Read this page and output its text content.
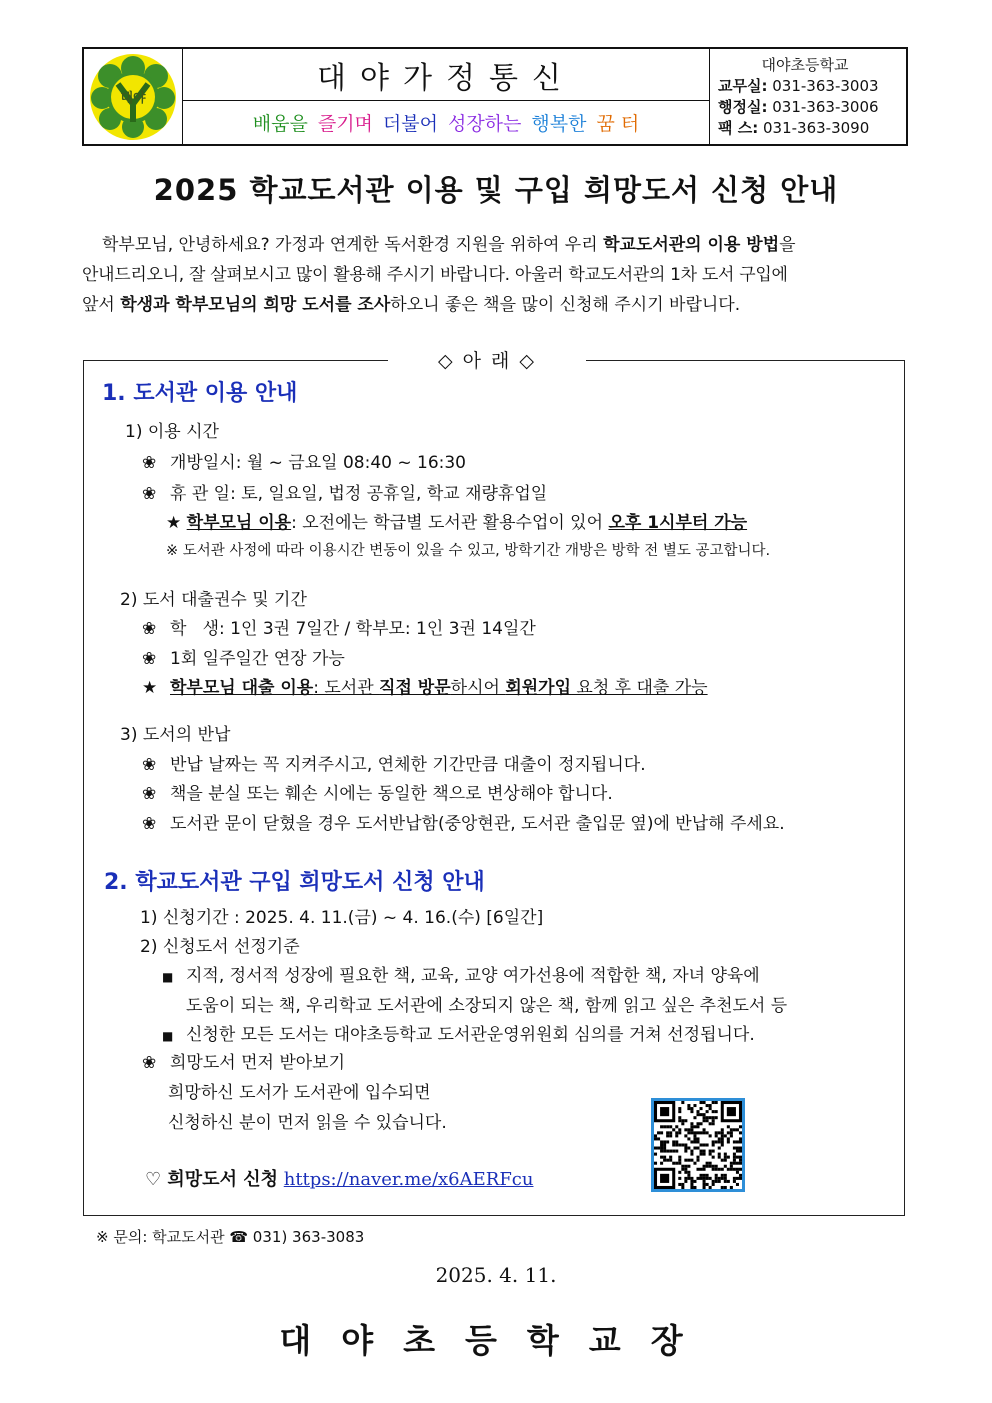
대야
대야가정통신
배움을 즐기며 더불어 성장하는 행복한 꿈 터
대야초등학교
교무실: 031-363-3003
행정실: 031-363-3006
팩 스: 031-363-3090
2025 학교도서관 이용 및 구입 희망도서 신청 안내

학부모님, 안녕하세요? 가정과 연계한 독서환경 지원을 위하여 우리 학교도서관의 이용 방법을

안내드리오니, 잘 살펴보시고 많이 활용해 주시기 바랍니다. 아울러 학교도서관의 1차 도서 구입에

앞서 학생과 학부모님의 희망 도서를 조사하오니 좋은 책을 많이 신청해 주시기 바랍니다.

◇ 아 래 ◇
1. 도서관 이용 안내
1) 이용 시간
❀ 개방일시: 월 ~ 금요일 08:40 ~ 16:30
❀ 휴 관 일: 토, 일요일, 법정 공휴일, 학교 재량휴업일
★ 학부모님 이용: 오전에는 학급별 도서관 활용수업이 있어 오후 1시부터 가능
※ 도서관 사정에 따라 이용시간 변동이 있을 수 있고, 방학기간 개방은 방학 전 별도 공고합니다.
2) 도서 대출권수 및 기간
❀ 학   생: 1인 3권 7일간 / 학부모: 1인 3권 14일간
❀ 1회 일주일간 연장 가능
★ 학부모님 대출 이용: 도서관 직접 방문하시어 회원가입 요청 후 대출 가능
3) 도서의 반납
❀ 반납 날짜는 꼭 지켜주시고, 연체한 기간만큼 대출이 정지됩니다.
❀ 책을 분실 또는 훼손 시에는 동일한 책으로 변상해야 합니다.
❀ 도서관 문이 닫혔을 경우 도서반납함(중앙현관, 도서관 출입문 옆)에 반납해 주세요.
2. 학교도서관 구입 희망도서 신청 안내
1) 신청기간 : 2025. 4. 11.(금) ~ 4. 16.(수) [6일간]
2) 신청도서 선정기준
■ 지적, 정서적 성장에 필요한 책, 교육, 교양 여가선용에 적합한 책, 자녀 양육에
도움이 되는 책, 우리학교 도서관에 소장되지 않은 책, 함께 읽고 싶은 추천도서 등
■ 신청한 모든 도서는 대야초등학교 도서관운영위원회 심의를 거쳐 선정됩니다.
❀ 희망도서 먼저 받아보기
희망하신 도서가 도서관에 입수되면
신청하신 분이 먼저 읽을 수 있습니다.
♡ 희망도서 신청 https://naver.me/x6AERFcu
※ 문의: 학교도서관 ☎ 031) 363-3083
2025. 4. 11.
대야초등학교장
